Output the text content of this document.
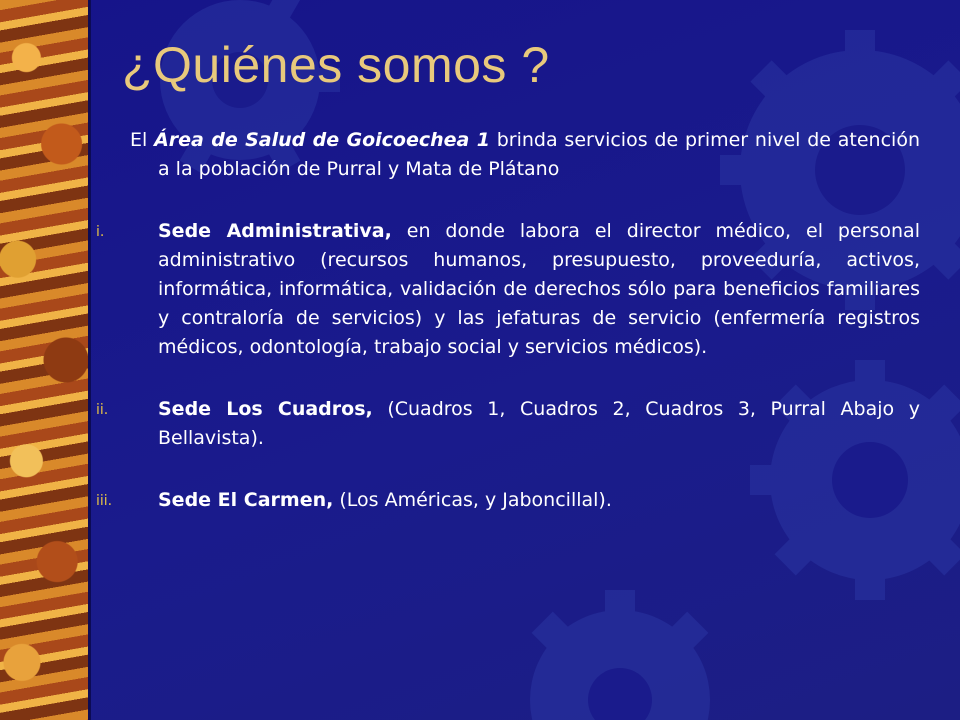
¿Quiénes somos ?

El Área de Salud de Goicoechea 1 brinda servicios de primer nivel de atención a la población de Purral y Mata de Plátano

i.	Sede Administrativa, en donde labora el director médico, el personal administrativo (recursos humanos, presupuesto, proveeduría, activos, informática, informática, validación de derechos sólo para beneficios familiares y contraloría de servicios) y las jefaturas de servicio (enfermería registros médicos, odontología, trabajo social y servicios médicos).
ii.	Sede Los Cuadros, (Cuadros 1, Cuadros 2, Cuadros 3, Purral Abajo y Bellavista).
iii.	Sede El Carmen, (Los Américas, y Jaboncillal).
